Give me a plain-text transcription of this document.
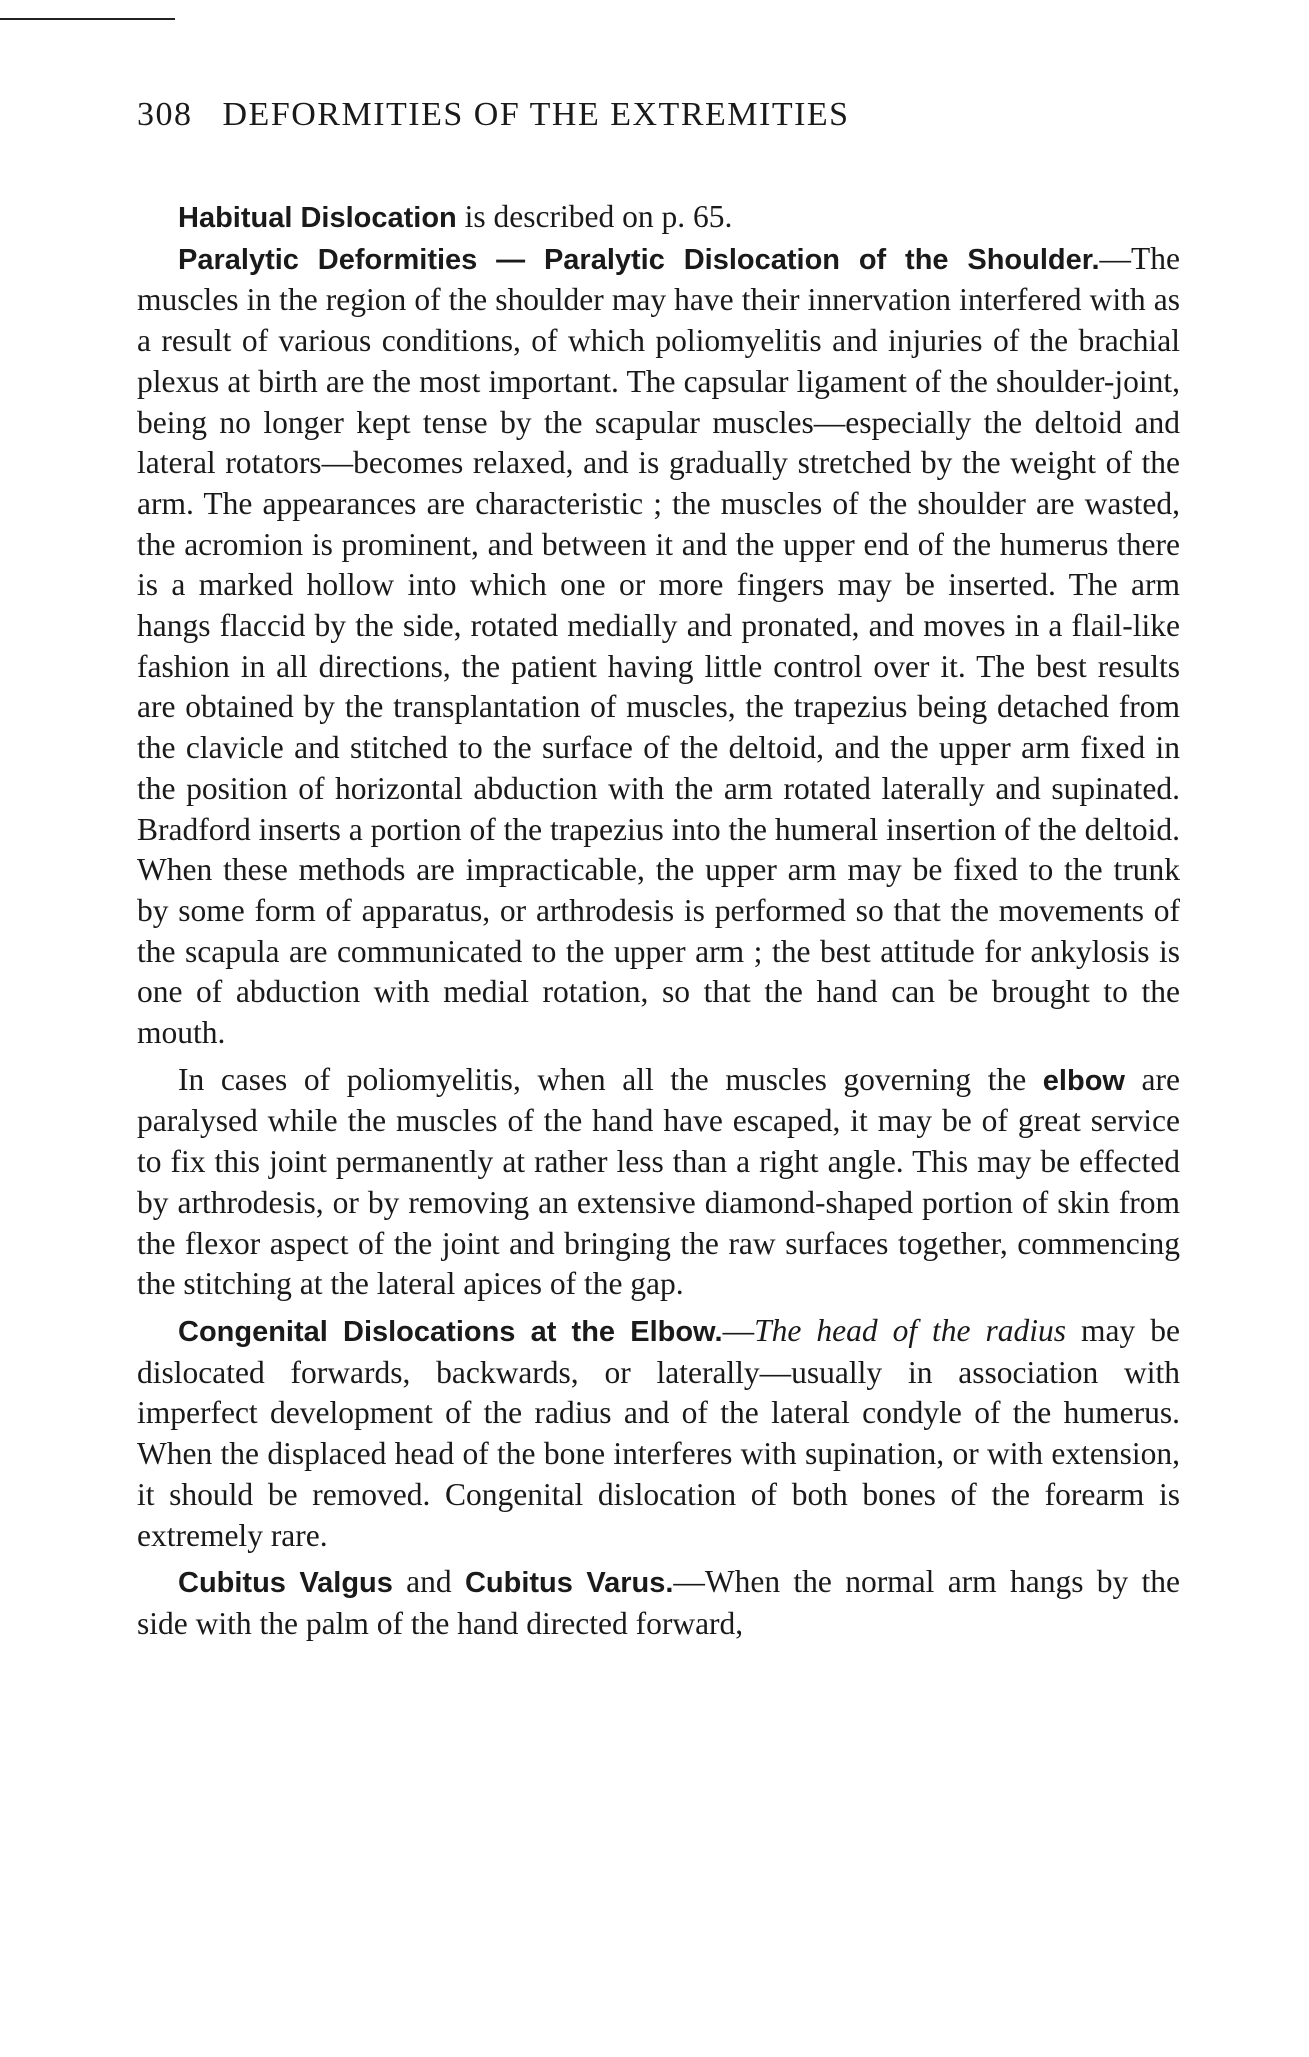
308 DEFORMITIES OF THE EXTREMITIES

Habitual Dislocation is described on p. 65.

Paralytic Deformities — Paralytic Dislocation of the Shoulder.—The muscles in the region of the shoulder may have their innervation interfered with as a result of various conditions, of which poliomyelitis and injuries of the brachial plexus at birth are the most important. The capsular ligament of the shoulder-joint, being no longer kept tense by the scapular muscles—especially the deltoid and lateral rotators—becomes relaxed, and is gradually stretched by the weight of the arm. The appearances are characteristic ; the muscles of the shoulder are wasted, the acromion is prominent, and between it and the upper end of the humerus there is a marked hollow into which one or more fingers may be inserted. The arm hangs flaccid by the side, rotated medially and pronated, and moves in a flail-like fashion in all directions, the patient having little control over it. The best results are obtained by the transplantation of muscles, the trapezius being detached from the clavicle and stitched to the surface of the deltoid, and the upper arm fixed in the position of horizontal abduction with the arm rotated laterally and supinated. Bradford inserts a portion of the trapezius into the humeral insertion of the deltoid. When these methods are impracticable, the upper arm may be fixed to the trunk by some form of apparatus, or arthrodesis is performed so that the movements of the scapula are communicated to the upper arm ; the best attitude for ankylosis is one of abduction with medial rotation, so that the hand can be brought to the mouth.

In cases of poliomyelitis, when all the muscles governing the elbow are paralysed while the muscles of the hand have escaped, it may be of great service to fix this joint permanently at rather less than a right angle. This may be effected by arthrodesis, or by removing an extensive diamond-shaped portion of skin from the flexor aspect of the joint and bringing the raw surfaces together, commencing the stitching at the lateral apices of the gap.

Congenital Dislocations at the Elbow.—The head of the radius may be dislocated forwards, backwards, or laterally—usually in association with imperfect development of the radius and of the lateral condyle of the humerus. When the displaced head of the bone interferes with supination, or with extension, it should be removed. Congenital dislocation of both bones of the forearm is extremely rare.

Cubitus Valgus and Cubitus Varus.—When the normal arm hangs by the side with the palm of the hand directed forward,
